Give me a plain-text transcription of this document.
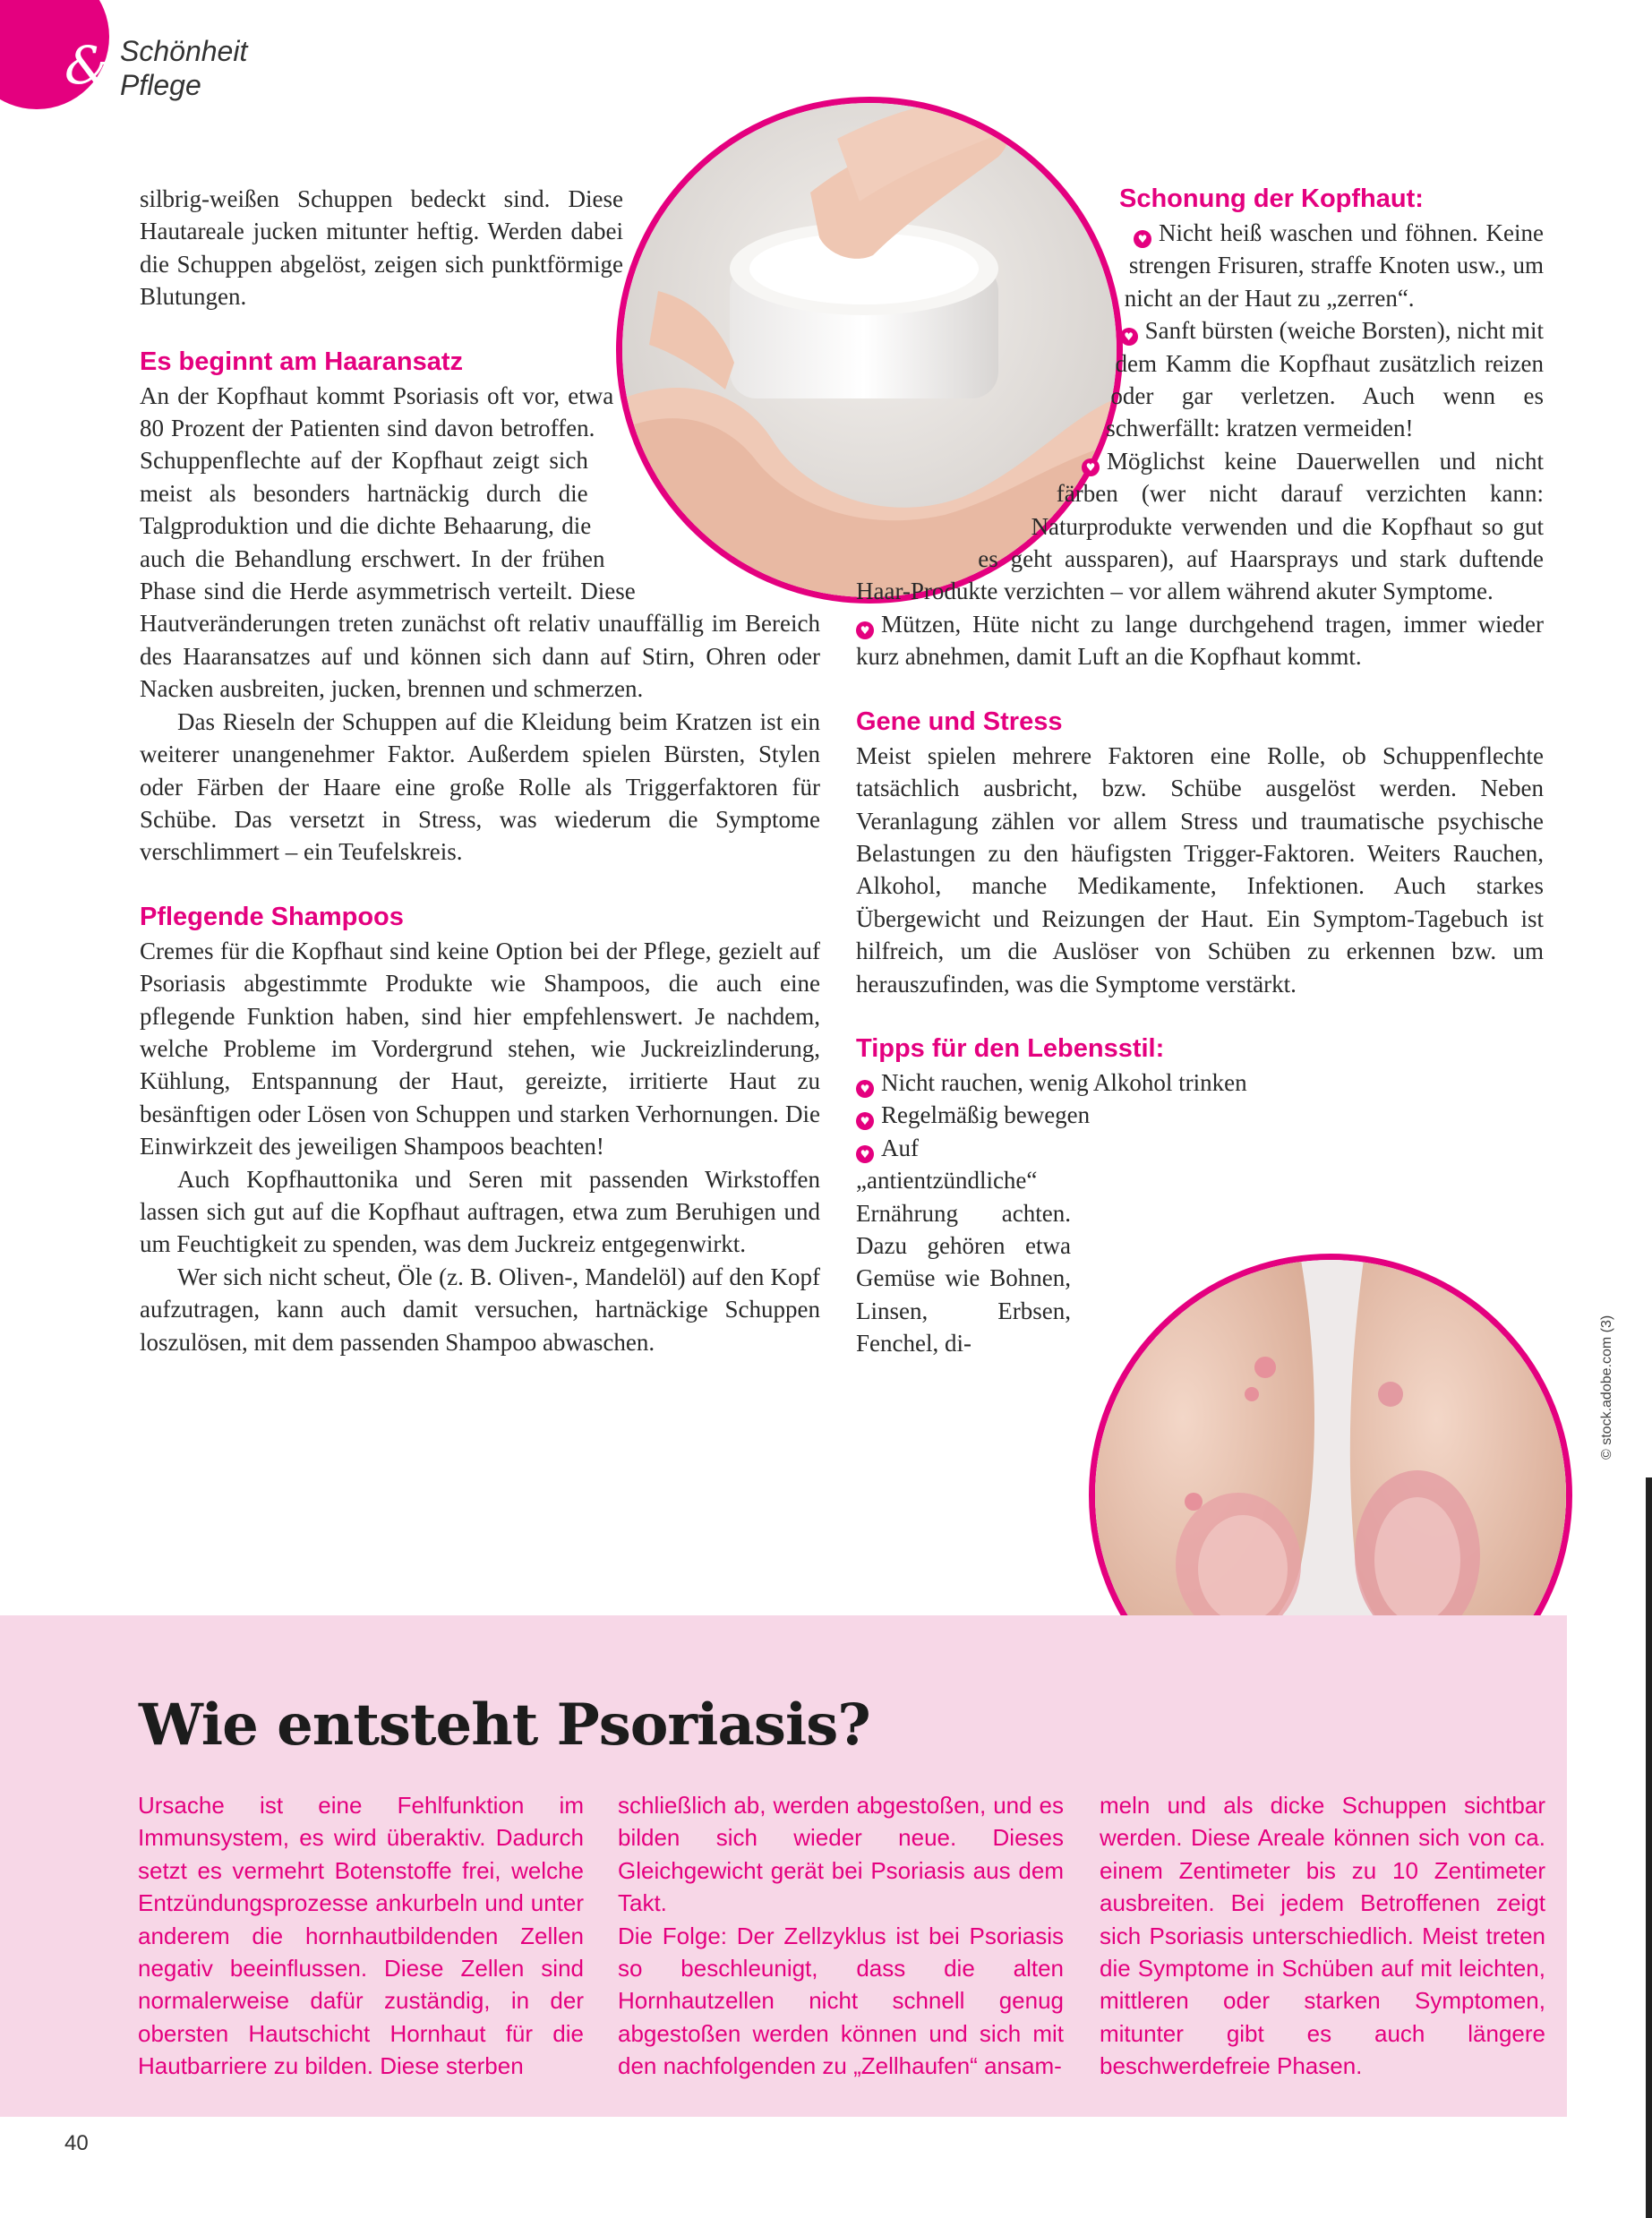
& Schönheit
Pflege

silbrig-weißen Schuppen bedeckt sind. Diese Hautareale jucken mitunter heftig. Werden dabei die Schuppen abgelöst, zeigen sich punktförmige Blutungen.

Es beginnt am Haaransatz

An der Kopfhaut kommt Psoriasis oft vor, etwa 80 Prozent der Patienten sind davon betroffen. Schuppenflechte auf der Kopfhaut zeigt sich meist als besonders hartnäckig durch die Talgproduktion und die dichte Behaarung, die auch die Behandlung erschwert. In der frühen Phase sind die Herde asymmetrisch verteilt. Diese Hautveränderungen treten zunächst oft relativ unauffällig im Bereich des Haaransatzes auf und können sich dann auf Stirn, Ohren oder Nacken ausbreiten, jucken, brennen und schmerzen.

Das Rieseln der Schuppen auf die Kleidung beim Kratzen ist ein weiterer unangenehmer Faktor. Außerdem spielen Bürsten, Stylen oder Färben der Haare eine große Rolle als Triggerfaktoren für Schübe. Das versetzt in Stress, was wiederum die Symptome verschlimmert – ein Teufelskreis.

Pflegende Shampoos

Cremes für die Kopfhaut sind keine Option bei der Pflege, gezielt auf Psoriasis abgestimmte Produkte wie Shampoos, die auch eine pflegende Funktion haben, sind hier empfehlenswert. Je nachdem, welche Probleme im Vordergrund stehen, wie Juckreizlinderung, Kühlung, Entspannung der Haut, gereizte, irritierte Haut zu besänftigen oder Lösen von Schuppen und starken Verhornungen. Die Einwirkzeit des jeweiligen Shampoos beachten!

Auch Kopfhauttonika und Seren mit passenden Wirkstoffen lassen sich gut auf die Kopfhaut auftragen, etwa zum Beruhigen und um Feuchtigkeit zu spenden, was dem Juckreiz entgegenwirkt.

Wer sich nicht scheut, Öle (z. B. Oliven-, Mandelöl) auf den Kopf aufzutragen, kann auch damit versuchen, hartnäckige Schuppen loszulösen, mit dem passenden Shampoo abwaschen.

Schonung der Kopfhaut:

♥ Nicht heiß waschen und föhnen. Keine strengen Frisuren, straffe Knoten usw., um nicht an der Haut zu „zerren“.

♥ Sanft bürsten (weiche Borsten), nicht mit dem Kamm die Kopfhaut zusätzlich reizen oder gar verletzen. Auch wenn es schwerfällt: kratzen vermeiden!

♥ Möglichst keine Dauerwellen und nicht färben (wer nicht darauf verzichten kann: Naturprodukte verwenden und die Kopfhaut so gut es geht aussparen), auf Haarsprays und stark duftende Haar-Produkte verzichten – vor allem während akuter Symptome.

♥ Mützen, Hüte nicht zu lange durchgehend tragen, immer wieder kurz abnehmen, damit Luft an die Kopfhaut kommt.

Gene und Stress

Meist spielen mehrere Faktoren eine Rolle, ob Schuppenflechte tatsächlich ausbricht, bzw. Schübe ausgelöst werden. Neben Veranlagung zählen vor allem Stress und traumatische psychische Belastungen zu den häufigsten Trigger-Faktoren. Weiters Rauchen, Alkohol, manche Medikamente, Infektionen. Auch starkes Übergewicht und Reizungen der Haut. Ein Symptom-Tagebuch ist hilfreich, um die Auslöser von Schüben zu erkennen bzw. um herauszufinden, was die Symptome verstärkt.

Tipps für den Lebensstil:

♥ Nicht rauchen, wenig Alkohol trinken

♥ Regelmäßig bewegen

♥ Auf „antientzündliche“ Ernährung achten. Dazu gehören etwa Gemüse wie Bohnen, Linsen, Erbsen, Fenchel, di-	© stock.adobe.com (3)
Wie entsteht Psoriasis?

Ursache ist eine Fehlfunktion im Immunsystem, es wird überaktiv. Dadurch setzt es vermehrt Botenstoffe frei, welche Entzündungsprozesse ankurbeln und unter anderem die hornhautbildenden Zellen negativ beeinflussen. Diese Zellen sind normalerweise dafür zuständig, in der obersten Hautschicht Hornhaut für die Hautbarriere zu bilden. Diese sterben

schließlich ab, werden abgestoßen, und es bilden sich wieder neue. Dieses Gleichgewicht gerät bei Psoriasis aus dem Takt.

Die Folge: Der Zellzyklus ist bei Psoriasis so beschleunigt, dass die alten Hornhautzellen nicht schnell genug abgestoßen werden können und sich mit den nachfolgenden zu „Zellhaufen“ ansam-

meln und als dicke Schuppen sichtbar werden. Diese Areale können sich von ca. einem Zentimeter bis zu 10 Zentimeter ausbreiten. Bei jedem Betroffenen zeigt sich Psoriasis unterschiedlich. Meist treten die Symptome in Schüben auf mit leichten, mittleren oder starken Symptomen, mitunter gibt es auch längere beschwerdefreie Phasen.

40
